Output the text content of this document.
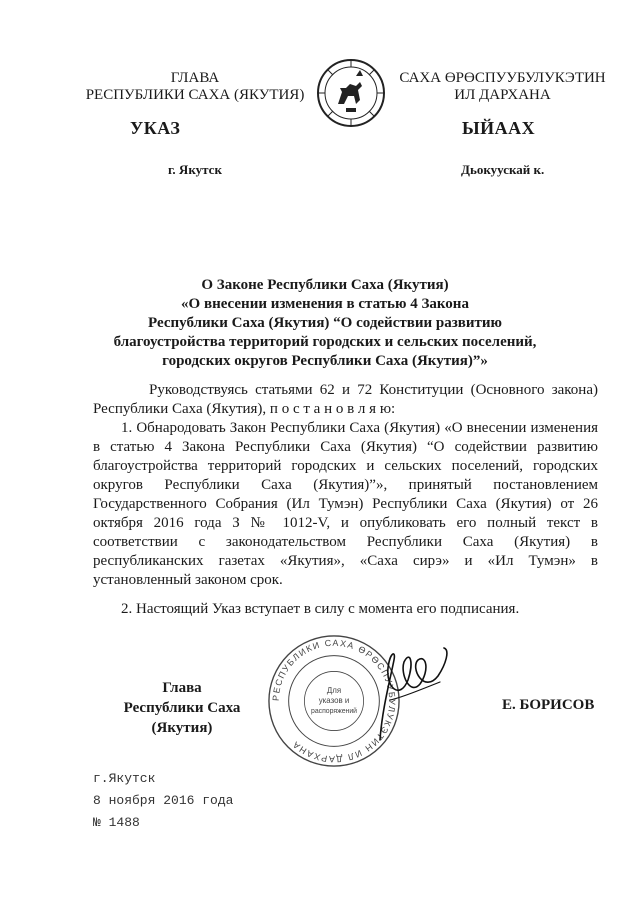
ГЛАВА
РЕСПУБЛИКИ САХА (ЯКУТИЯ)
САХА ӨРӨСПУУБУЛУКЭТИН
ИЛ ДАРХАНА
УКАЗ	ЫЙААХ
г. Якутск	Дьокуускай к.
О Законе Республики Саха (Якутия)
«О внесении изменения в статью 4 Закона
Республики Саха (Якутия) “О содействии развитию
благоустройства территорий городских и сельских поселений,
городских округов Республики Саха (Якутия)”»
Руководствуясь статьями 62 и 72 Конституции (Основного закона) Республики Саха (Якутия), п о с т а н о в л я ю:
1. Обнародовать Закон Республики Саха (Якутия) «О внесении изменения в статью 4 Закона Республики Саха (Якутия) “О содействии развитию благоустройства территорий городских и сельских поселений, городских округов Республики Саха (Якутия)”», принятый постановлением Государственного Собрания (Ил Тумэн) Республики Саха (Якутия) от 26 октября 2016 года З № 1012-V, и опубликовать его полный текст в соответствии с законодательством Республики Саха (Якутия) в республиканских газетах «Якутия», «Саха сирэ» и «Ил Тумэн» в установленный законом срок.
2. Настоящий Указ вступает в силу с момента его подписания.
РЕСПУБЛИКИ САХА ӨРӨСПУУБУЛУКЭТИН ИЛ ДАРХАНА
Для
указов и
распоряжений
Глава
Республики Саха (Якутия)
Е. БОРИСОВ
г.Якутск
8 ноября 2016 года
№ 1488
